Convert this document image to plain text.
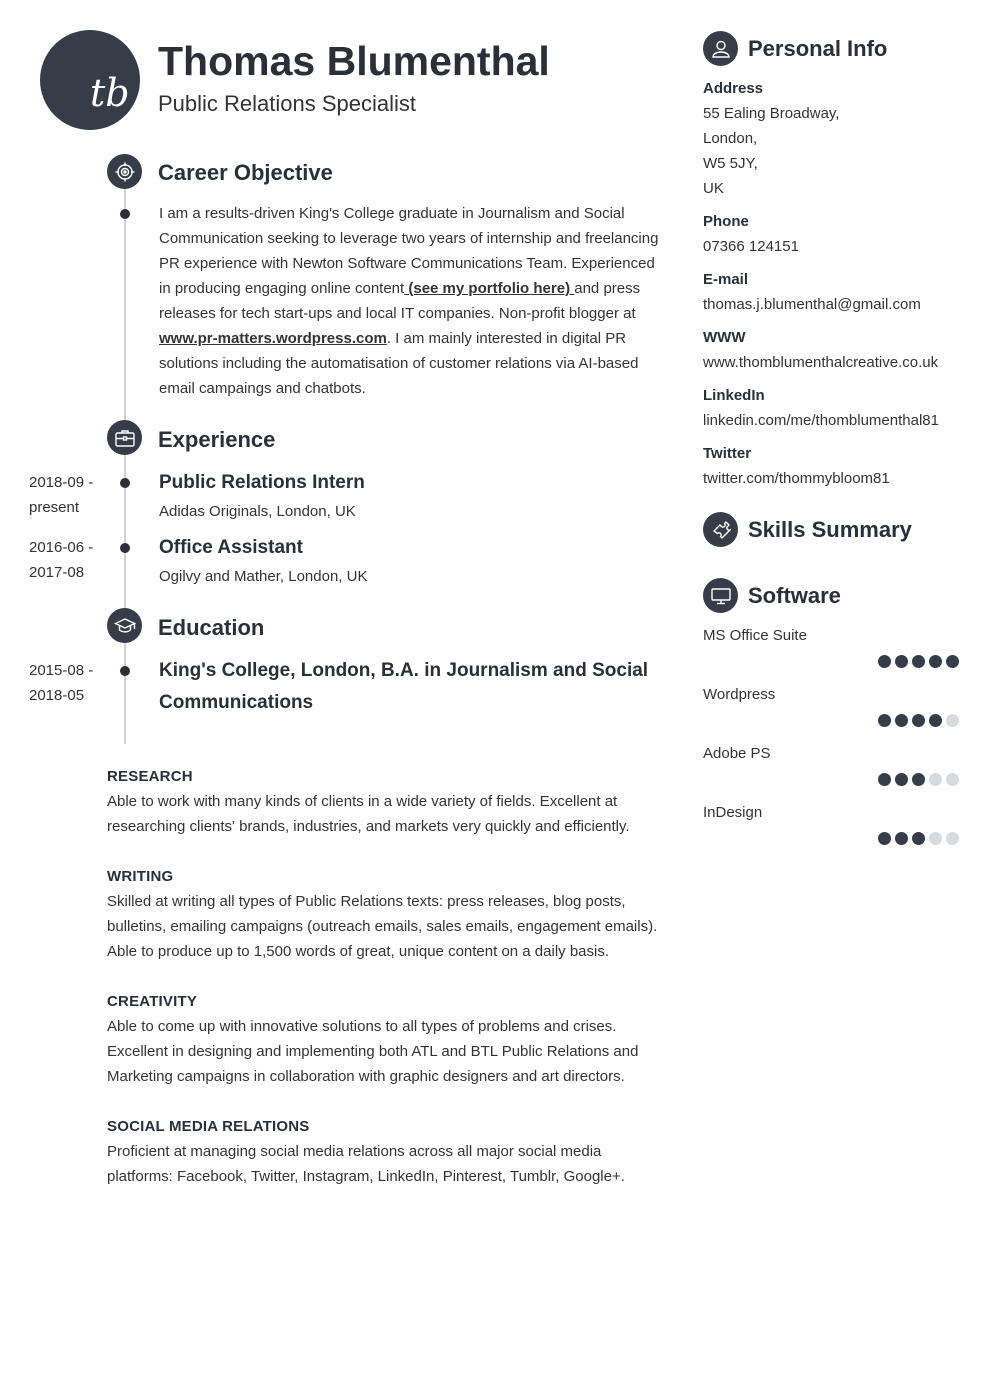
tb
Thomas Blumenthal
Public Relations Specialist
Career Objective
I am a results-driven King's College graduate in Journalism and Social Communication seeking to leverage two years of internship and freelancing PR experience with Newton Software Communications Team. Experienced in producing engaging online content (see my portfolio here) and press releases for tech start-ups and local IT companies. Non-profit blogger at www.pr-matters.wordpress.com. I am mainly interested in digital PR solutions including the automatisation of customer relations via AI-based email campaings and chatbots.
Experience
2018-09 -
present
Public Relations Intern
Adidas Originals, London, UK
2016-06 -
2017-08
Office Assistant
Ogilvy and Mather, London, UK
Education
2015-08 -
2018-05
King's College, London, B.A. in Journalism and Social Communications
RESEARCH
Able to work with many kinds of clients in a wide variety of fields. Excellent at researching clients' brands, industries, and markets very quickly and efficiently.
WRITING
Skilled at writing all types of Public Relations texts: press releases, blog posts, bulletins, emailing campaigns (outreach emails, sales emails, engagement emails). Able to produce up to 1,500 words of great, unique content on a daily basis.
CREATIVITY
Able to come up with innovative solutions to all types of problems and crises. Excellent in designing and implementing both ATL and BTL Public Relations and Marketing campaigns in collaboration with graphic designers and art directors.
SOCIAL MEDIA RELATIONS
Proficient at managing social media relations across all major social media platforms: Facebook, Twitter, Instagram, LinkedIn, Pinterest, Tumblr, Google+.
Personal Info
Address
55 Ealing Broadway,
London,
W5 5JY,
UK
Phone
07366 124151
E-mail
thomas.j.blumenthal@gmail.com
WWW
www.thomblumenthalcreative.co.uk
LinkedIn
linkedin.com/me/thomblumenthal81
Twitter
twitter.com/thommybloom81
Skills Summary
Software
MS Office Suite
Wordpress
Adobe PS
InDesign
